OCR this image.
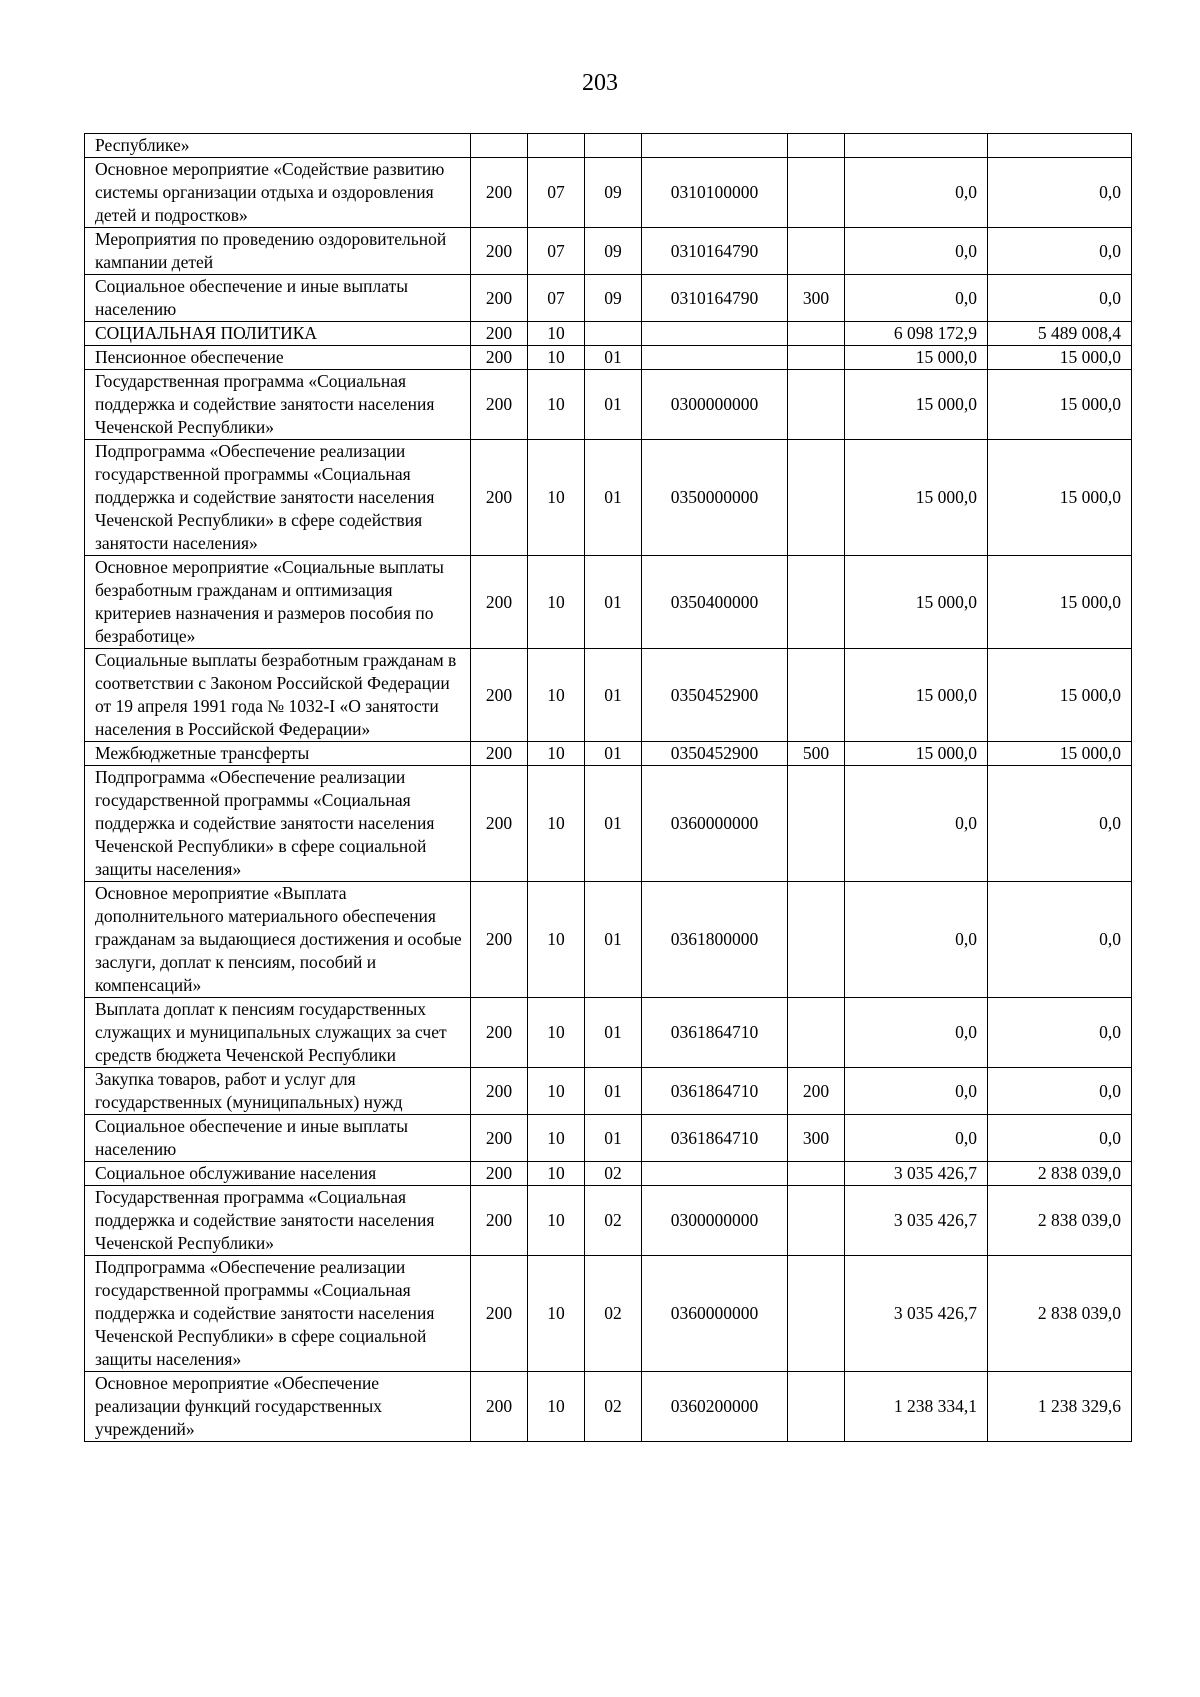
203
Республике»							
Основное мероприятие «Содействие развитию системы организации отдыха и оздоровления детей и подростков»	200	07	09	0310100000		0,0	0,0
Мероприятия по проведению оздоровительной кампании детей	200	07	09	0310164790		0,0	0,0
Социальное обеспечение и иные выплаты населению	200	07	09	0310164790	300	0,0	0,0
СОЦИАЛЬНАЯ ПОЛИТИКА	200	10				6 098 172,9	5 489 008,4
Пенсионное обеспечение	200	10	01			15 000,0	15 000,0
Государственная программа «Социальная поддержка и содействие занятости населения Чеченской Республики»	200	10	01	0300000000		15 000,0	15 000,0
Подпрограмма «Обеспечение реализации государственной программы «Социальная поддержка и содействие занятости населения Чеченской Республики» в сфере содействия занятости населения»	200	10	01	0350000000		15 000,0	15 000,0
Основное мероприятие «Социальные выплаты безработным гражданам и оптимизация критериев назначения и размеров пособия по безработице»	200	10	01	0350400000		15 000,0	15 000,0
Социальные выплаты безработным гражданам в соответствии с Законом Российской Федерации от 19 апреля 1991 года № 1032-I «О занятости населения в Российской Федерации»	200	10	01	0350452900		15 000,0	15 000,0
Межбюджетные трансферты	200	10	01	0350452900	500	15 000,0	15 000,0
Подпрограмма «Обеспечение реализации государственной программы «Социальная поддержка и содействие занятости населения Чеченской Республики» в сфере социальной защиты населения»	200	10	01	0360000000		0,0	0,0
Основное мероприятие «Выплата дополнительного материального обеспечения гражданам за выдающиеся достижения и особые заслуги, доплат к пенсиям, пособий и компенсаций»	200	10	01	0361800000		0,0	0,0
Выплата доплат к пенсиям государственных служащих и муниципальных служащих за счет средств бюджета Чеченской Республики	200	10	01	0361864710		0,0	0,0
Закупка товаров, работ и услуг для государственных (муниципальных) нужд	200	10	01	0361864710	200	0,0	0,0
Социальное обеспечение и иные выплаты населению	200	10	01	0361864710	300	0,0	0,0
Социальное обслуживание населения	200	10	02			3 035 426,7	2 838 039,0
Государственная программа «Социальная поддержка и содействие занятости населения Чеченской Республики»	200	10	02	0300000000		3 035 426,7	2 838 039,0
Подпрограмма «Обеспечение реализации государственной программы «Социальная поддержка и содействие занятости населения Чеченской Республики» в сфере социальной защиты населения»	200	10	02	0360000000		3 035 426,7	2 838 039,0
Основное мероприятие «Обеспечение реализации функций государственных учреждений»	200	10	02	0360200000		1 238 334,1	1 238 329,6
